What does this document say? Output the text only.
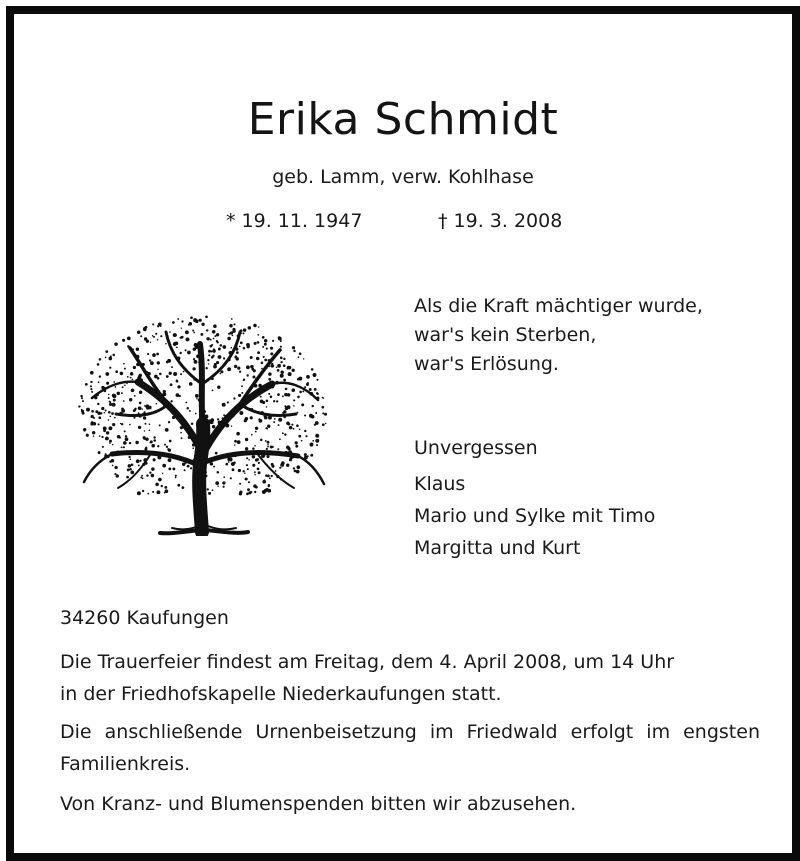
Erika Schmidt
geb. Lamm, verw. Kohlhase
* 19. 11. 1947	† 19. 3. 2008
Als die Kraft mächtiger wurde,
war's kein Sterben,
war's Erlösung.
Unvergessen
Klaus
Mario und Sylke mit Timo
Margitta und Kurt
34260 Kaufungen
Die Trauerfeier findest am Freitag, dem 4. April 2008, um 14 Uhr
in der Friedhofskapelle Niederkaufungen statt.
Die anschließende Urnenbeisetzung im Friedwald erfolgt im engsten Familienkreis.
Von Kranz- und Blumenspenden bitten wir abzusehen.
